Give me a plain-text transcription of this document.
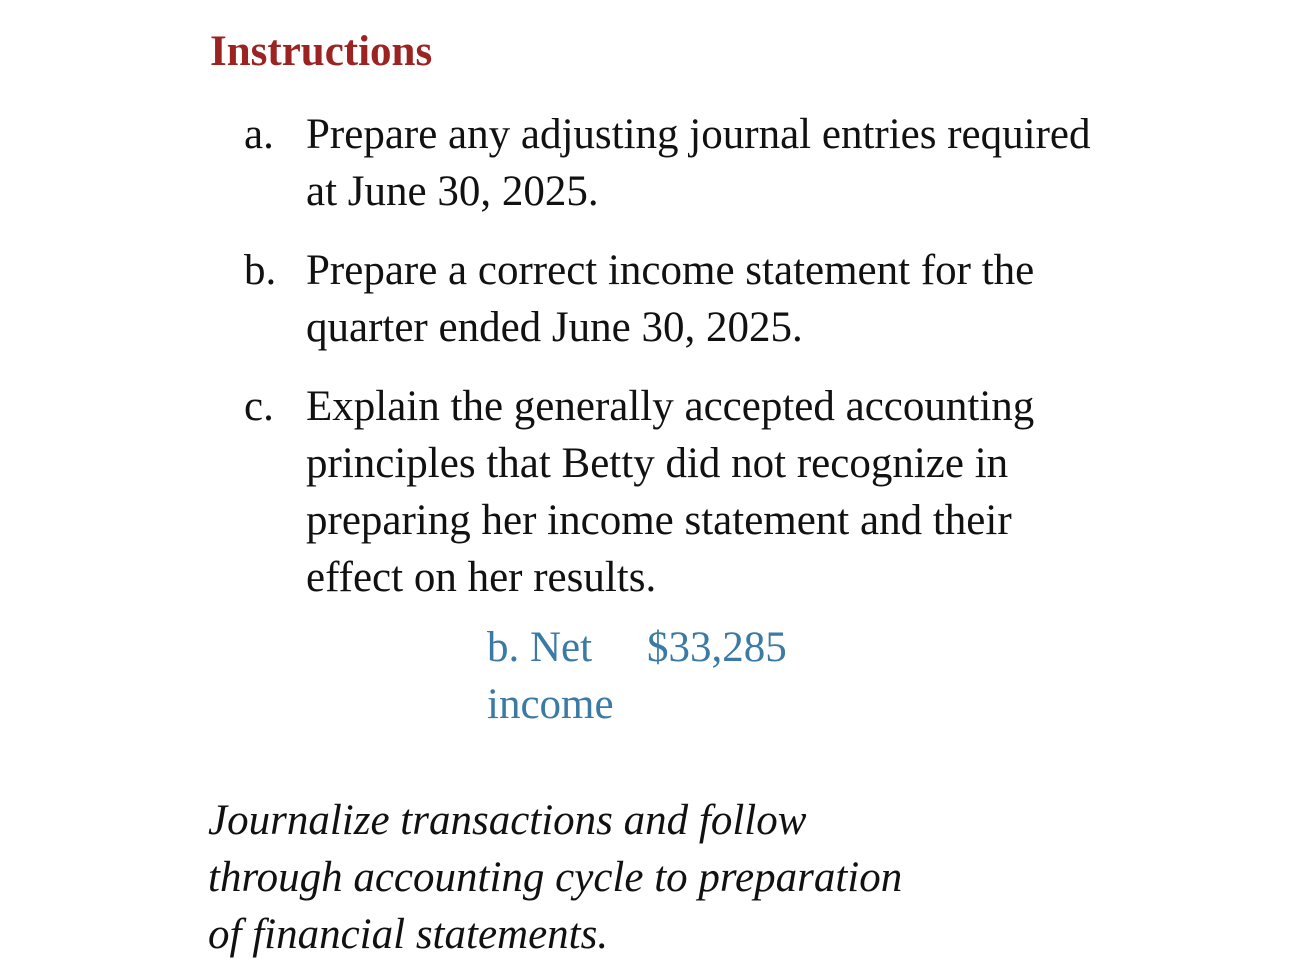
Instructions
a. Prepare any adjusting journal entries required at June 30, 2025.
b. Prepare a correct income statement for the quarter ended June 30, 2025.
c. Explain the generally accepted accounting principles that Betty did not recognize in preparing her income statement and their effect on her results.
b. Net income
$33,285
Journalize transactions and follow through accounting cycle to preparation of financial statements.
